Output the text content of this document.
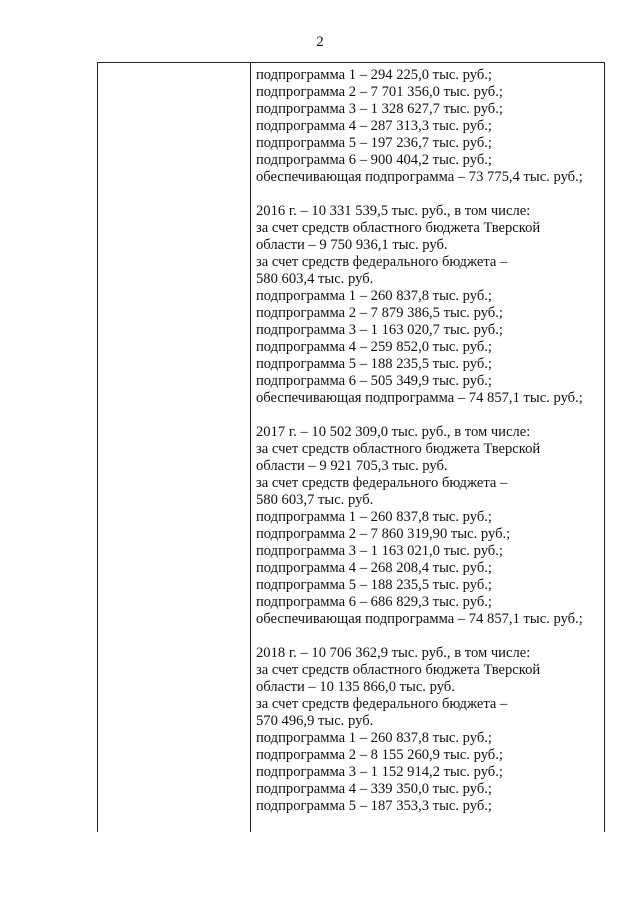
2
подпрограмма 1 – 294 225,0 тыс. руб.;
подпрограмма 2 – 7 701 356,0 тыс. руб.;
подпрограмма 3 – 1 328 627,7 тыс. руб.;
подпрограмма 4 – 287 313,3 тыс. руб.;
подпрограмма 5 – 197 236,7 тыс. руб.;
подпрограмма 6 – 900 404,2 тыс. руб.;
обеспечивающая подпрограмма – 73 775,4 тыс. руб.;
2016 г. – 10 331 539,5 тыс. руб., в том числе:
за счет средств областного бюджета Тверской
области – 9 750 936,1 тыс. руб.
за счет средств федерального бюджета –
580 603,4 тыс. руб.
подпрограмма 1 – 260 837,8 тыс. руб.;
подпрограмма 2 – 7 879 386,5 тыс. руб.;
подпрограмма 3 – 1 163 020,7 тыс. руб.;
подпрограмма 4 – 259 852,0 тыс. руб.;
подпрограмма 5 – 188 235,5 тыс. руб.;
подпрограмма 6 – 505 349,9 тыс. руб.;
обеспечивающая подпрограмма – 74 857,1 тыс. руб.;
2017 г. – 10 502 309,0 тыс. руб., в том числе:
за счет средств областного бюджета Тверской
области – 9 921 705,3 тыс. руб.
за счет средств федерального бюджета –
580 603,7 тыс. руб.
подпрограмма 1 – 260 837,8 тыс. руб.;
подпрограмма 2 – 7 860 319,90 тыс. руб.;
подпрограмма 3 – 1 163 021,0 тыс. руб.;
подпрограмма 4 – 268 208,4 тыс. руб.;
подпрограмма 5 – 188 235,5 тыс. руб.;
подпрограмма 6 – 686 829,3 тыс. руб.;
обеспечивающая подпрограмма – 74 857,1 тыс. руб.;
2018 г. – 10 706 362,9 тыс. руб., в том числе:
за счет средств областного бюджета Тверской
области – 10 135 866,0 тыс. руб.
за счет средств федерального бюджета –
570 496,9 тыс. руб.
подпрограмма 1 – 260 837,8 тыс. руб.;
подпрограмма 2 – 8 155 260,9 тыс. руб.;
подпрограмма 3 – 1 152 914,2 тыс. руб.;
подпрограмма 4 – 339 350,0 тыс. руб.;
подпрограмма 5 – 187 353,3 тыс. руб.;
